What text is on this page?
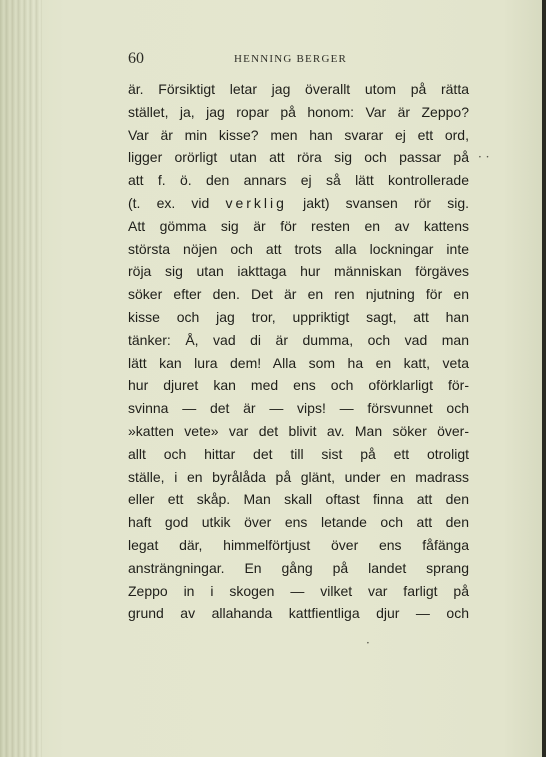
60	HENNING BERGER
är. Försiktigt letar jag överallt utom på rätta
stället, ja, jag ropar på honom: Var är Zeppo?
Var är min kisse? men han svarar ej ett ord,
ligger orörligt utan att röra sig och passar på
att f. ö. den annars ej så lätt kontrollerade
(t. ex. vid verklig jakt) svansen rör sig.
Att gömma sig är för resten en av kattens
största nöjen och att trots alla lockningar inte
röja sig utan iakttaga hur människan förgäves
söker efter den. Det är en ren njutning för en
kisse och jag tror, uppriktigt sagt, att han
tänker: Å, vad di är dumma, och vad man
lätt kan lura dem! Alla som ha en katt, veta
hur djuret kan med ens och oförklarligt för-
svinna — det är — vips! — försvunnet och
»katten vete» var det blivit av. Man söker över-
allt och hittar det till sist på ett otroligt
ställe, i en byrålåda på glänt, under en madrass
eller ett skåp. Man skall oftast finna att den
haft god utkik över ens letande och att den
legat där, himmelförtjust över ens fåfänga
ansträngningar. En gång på landet sprang
Zeppo in i skogen — vilket var farligt på
grund av allahanda kattfientliga djur — och
· ·
·
